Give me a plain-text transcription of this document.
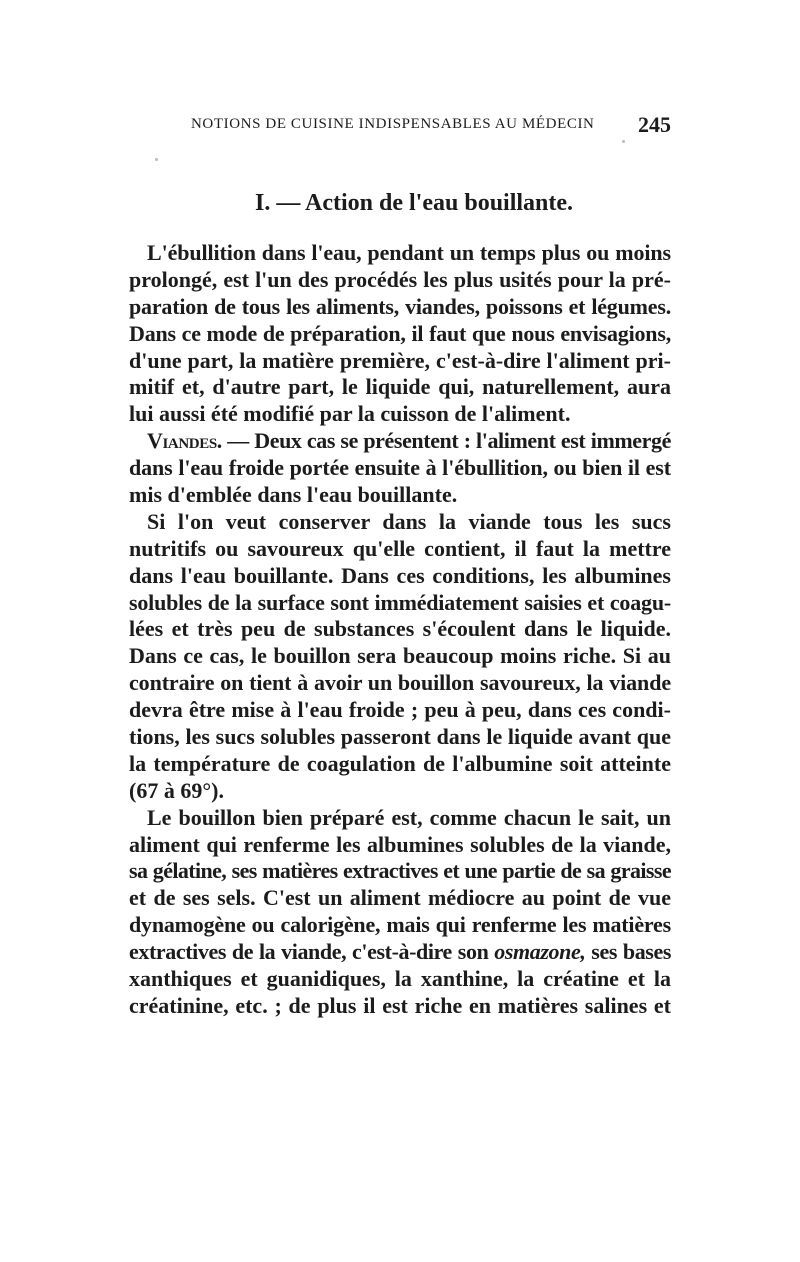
NOTIONS DE CUISINE INDISPENSABLES AU MÉDECIN 245
I. — Action de l'eau bouillante.
L'ébullition dans l'eau, pendant un temps plus ou moins
prolongé, est l'un des procédés les plus usités pour la pré-
paration de tous les aliments, viandes, poissons et légumes.
Dans ce mode de préparation, il faut que nous envisagions,
d'une part, la matière première, c'est-à-dire l'aliment pri-
mitif et, d'autre part, le liquide qui, naturellement, aura
lui aussi été modifié par la cuisson de l'aliment.
Viandes. — Deux cas se présentent : l'aliment est immergé
dans l'eau froide portée ensuite à l'ébullition, ou bien il est
mis d'emblée dans l'eau bouillante.
Si l'on veut conserver dans la viande tous les sucs
nutritifs ou savoureux qu'elle contient, il faut la mettre
dans l'eau bouillante. Dans ces conditions, les albumines
solubles de la surface sont immédiatement saisies et coagu-
lées et très peu de substances s'écoulent dans le liquide.
Dans ce cas, le bouillon sera beaucoup moins riche. Si au
contraire on tient à avoir un bouillon savoureux, la viande
devra être mise à l'eau froide ; peu à peu, dans ces condi-
tions, les sucs solubles passeront dans le liquide avant que
la température de coagulation de l'albumine soit atteinte
(67 à 69°).
Le bouillon bien préparé est, comme chacun le sait, un
aliment qui renferme les albumines solubles de la viande,
sa gélatine, ses matières extractives et une partie de sa graisse
et de ses sels. C'est un aliment médiocre au point de vue
dynamogène ou calorigène, mais qui renferme les matières
extractives de la viande, c'est-à-dire son osmazone, ses bases
xanthiques et guanidiques, la xanthine, la créatine et la
créatinine, etc. ; de plus il est riche en matières salines et
